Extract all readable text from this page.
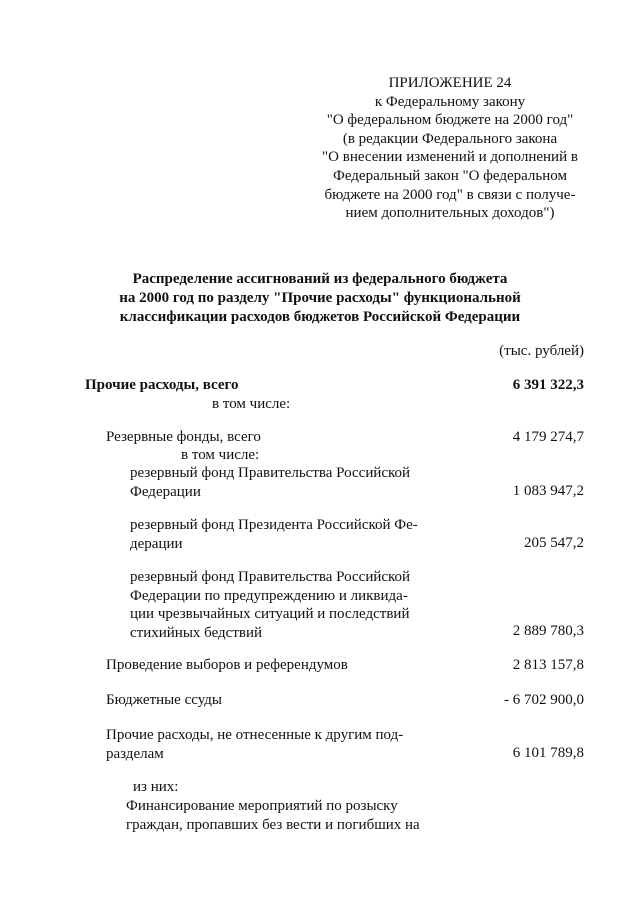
ПРИЛОЖЕНИЕ 24
к Федеральному закону
"О федеральном бюджете на 2000 год"
(в редакции Федерального закона
"О внесении изменений и дополнений в
Федеральный закон "О федеральном
бюджете на 2000 год" в связи с получе-
нием дополнительных доходов")
Распределение ассигнований из федерального бюджета
на 2000 год по разделу "Прочие расходы" функциональной
классификации расходов бюджетов Российской Федерации
(тыс. рублей)
Прочие расходы, всего	6 391 322,3
в том числе:
Резервные фонды, всего	4 179 274,7
в том числе:
резервный фонд Правительства Российской
Федерации	1 083 947,2
резервный фонд Президента Российской Фе-
дерации	205 547,2
резервный фонд Правительства Российской
Федерации по предупреждению и ликвида-
ции чрезвычайных ситуаций и последствий
стихийных бедствий	2 889 780,3
Проведение выборов и референдумов	2 813 157,8
Бюджетные ссуды	- 6 702 900,0
Прочие расходы, не отнесенные к другим под-
разделам	6 101 789,8
из них:
Финансирование мероприятий по розыску
граждан, пропавших без вести и погибших на
